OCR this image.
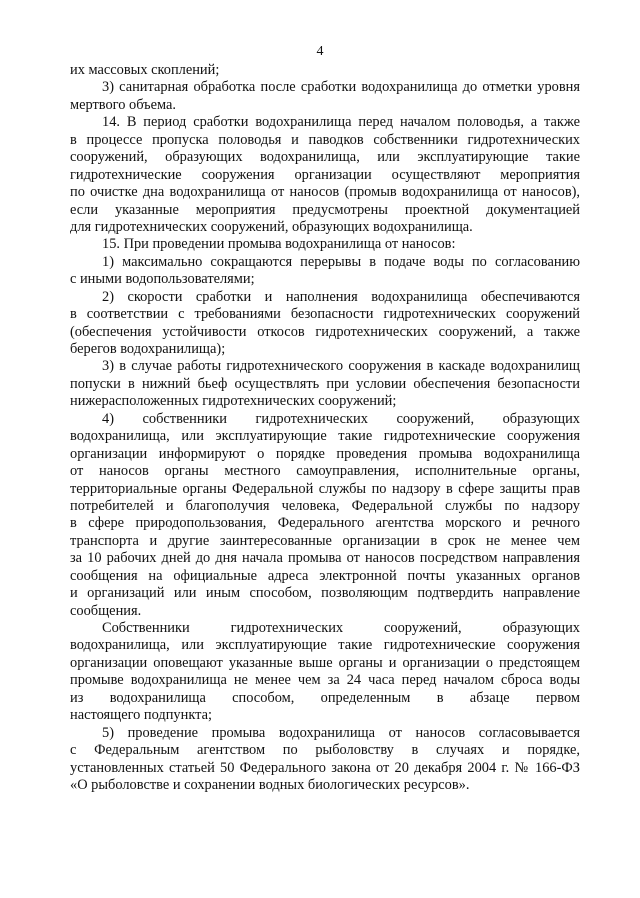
4
их массовых скоплений;
3) санитарная обработка после сработки водохранилища до отметки уровня
мертвого объема.
14. В период сработки водохранилища перед началом половодья, а также
в процессе пропуска половодья и паводков собственники гидротехнических
сооружений, образующих водохранилища, или эксплуатирующие такие
гидротехнические сооружения организации осуществляют мероприятия
по очистке дна водохранилища от наносов (промыв водохранилища от наносов),
если указанные мероприятия предусмотрены проектной документацией
для гидротехнических сооружений, образующих водохранилища.
15. При проведении промыва водохранилища от наносов:
1) максимально сокращаются перерывы в подаче воды по согласованию
с иными водопользователями;
2) скорости сработки и наполнения водохранилища обеспечиваются
в соответствии с требованиями безопасности гидротехнических сооружений
(обеспечения устойчивости откосов гидротехнических сооружений, а также
берегов водохранилища);
3) в случае работы гидротехнического сооружения в каскаде водохранилищ
попуски в нижний бьеф осуществлять при условии обеспечения безопасности
нижерасположенных гидротехнических сооружений;
4) собственники гидротехнических сооружений, образующих
водохранилища, или эксплуатирующие такие гидротехнические сооружения
организации информируют о порядке проведения промыва водохранилища
от наносов органы местного самоуправления, исполнительные органы,
территориальные органы Федеральной службы по надзору в сфере защиты прав
потребителей и благополучия человека, Федеральной службы по надзору
в сфере природопользования, Федерального агентства морского и речного
транспорта и другие заинтересованные организации в срок не менее чем
за 10 рабочих дней до дня начала промыва от наносов посредством направления
сообщения на официальные адреса электронной почты указанных органов
и организаций или иным способом, позволяющим подтвердить направление
сообщения.
Собственники гидротехнических сооружений, образующих
водохранилища, или эксплуатирующие такие гидротехнические сооружения
организации оповещают указанные выше органы и организации о предстоящем
промыве водохранилища не менее чем за 24 часа перед началом сброса воды
из водохранилища способом, определенным в абзаце первом
настоящего подпункта;
5) проведение промыва водохранилища от наносов согласовывается
с Федеральным агентством по рыболовству в случаях и порядке,
установленных статьей 50 Федерального закона от 20 декабря 2004 г. № 166-ФЗ
«О рыболовстве и сохранении водных биологических ресурсов».
